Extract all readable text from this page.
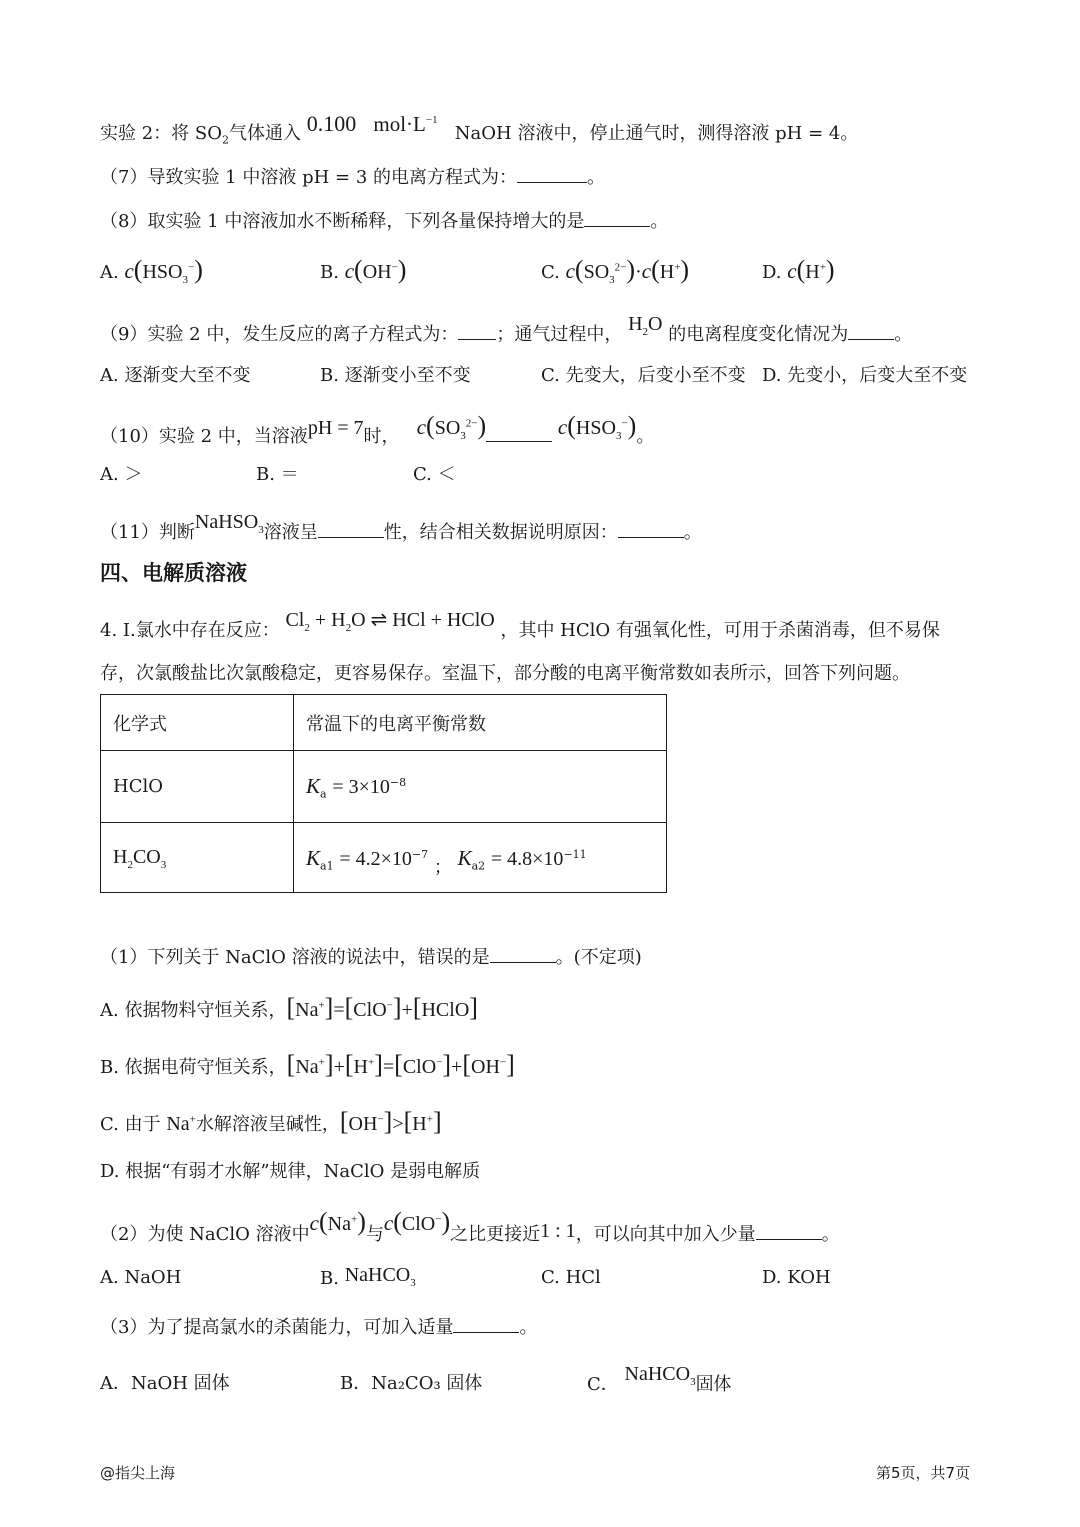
实验 2：将 $SO_2$气体通入 0.100 $mol\cdot L^{-1}$   NaOH 溶液中，停止通气时，测得溶液 pH = 4。
（7）导致实验 1 中溶液 pH = 3 的电离方程式为：	。
（8）取实验 1 中溶液加水不断稀释，下列各量保持增大的是	。
A. $c(HSO_3^-)$	B. c(OH−)	C. $c(SO_3^{2-})\cdot c(H^+)$	D. c(H+)
（9）实验 2 中，发生反应的离子方程式为： ；通气过程中， $H_2O$ 的电离程度变化情况为	。
A. 逐渐变大至不变	B. 逐渐变小至不变	C. 先变大，后变小至不变 D. 先变小，后变大至不变
（10）实验 2 中，当溶液pH = 7时， $c(SO_3^{2-})$	$c(HSO_3^-)$。
A. ＞	B. ＝	C. ＜
（11）判断NaHSO$_3$溶液呈	性，结合相关数据说明原因：	。
四、电解质溶液
4. I.氯水中存在反应： $Cl_2 + H_2O$ ⇌ HCl + HClO ，其中 HClO 有强氧化性，可用于杀菌消毒，但不易保
存，次氯酸盐比次氯酸稳定，更容易保存。室温下，部分酸的电离平衡常数如表所示，回答下列问题。
化学式	常温下的电离平衡常数
HClO	$K_a = 3\times 10^{-8}$
$H_2CO_3$	$K_{a1} = 4.2\times 10^{-7}$ ； $K_{a2} = 4.8\times 10^{-11}$
（1）下列关于 NaClO 溶液的说法中，错误的是	。(不定项)
A. 依据物料守恒关系，[Na+]=[ClO−]+[HClO]
B. 依据电荷守恒关系，[Na+]+[H+]=[ClO−]+[OH−]
C. 由于 Na+水解溶液呈碱性，[OH−]>[H+]
D. 根据“有弱才水解”规律，NaClO 是弱电解质
（2）为使 NaClO 溶液中c(Na+)与c(ClO−)之比更接近1 : 1，可以向其中加入少量	。
A. NaOH	B. NaHCO$_3$	C. HCl	D. KOH
（3）为了提高氯水的杀菌能力，可加入适量	。
A．NaOH 固体	B．Na₂CO₃ 固体	C． NaHCO$_3$固体
@指尖上海	第5页，共7页
